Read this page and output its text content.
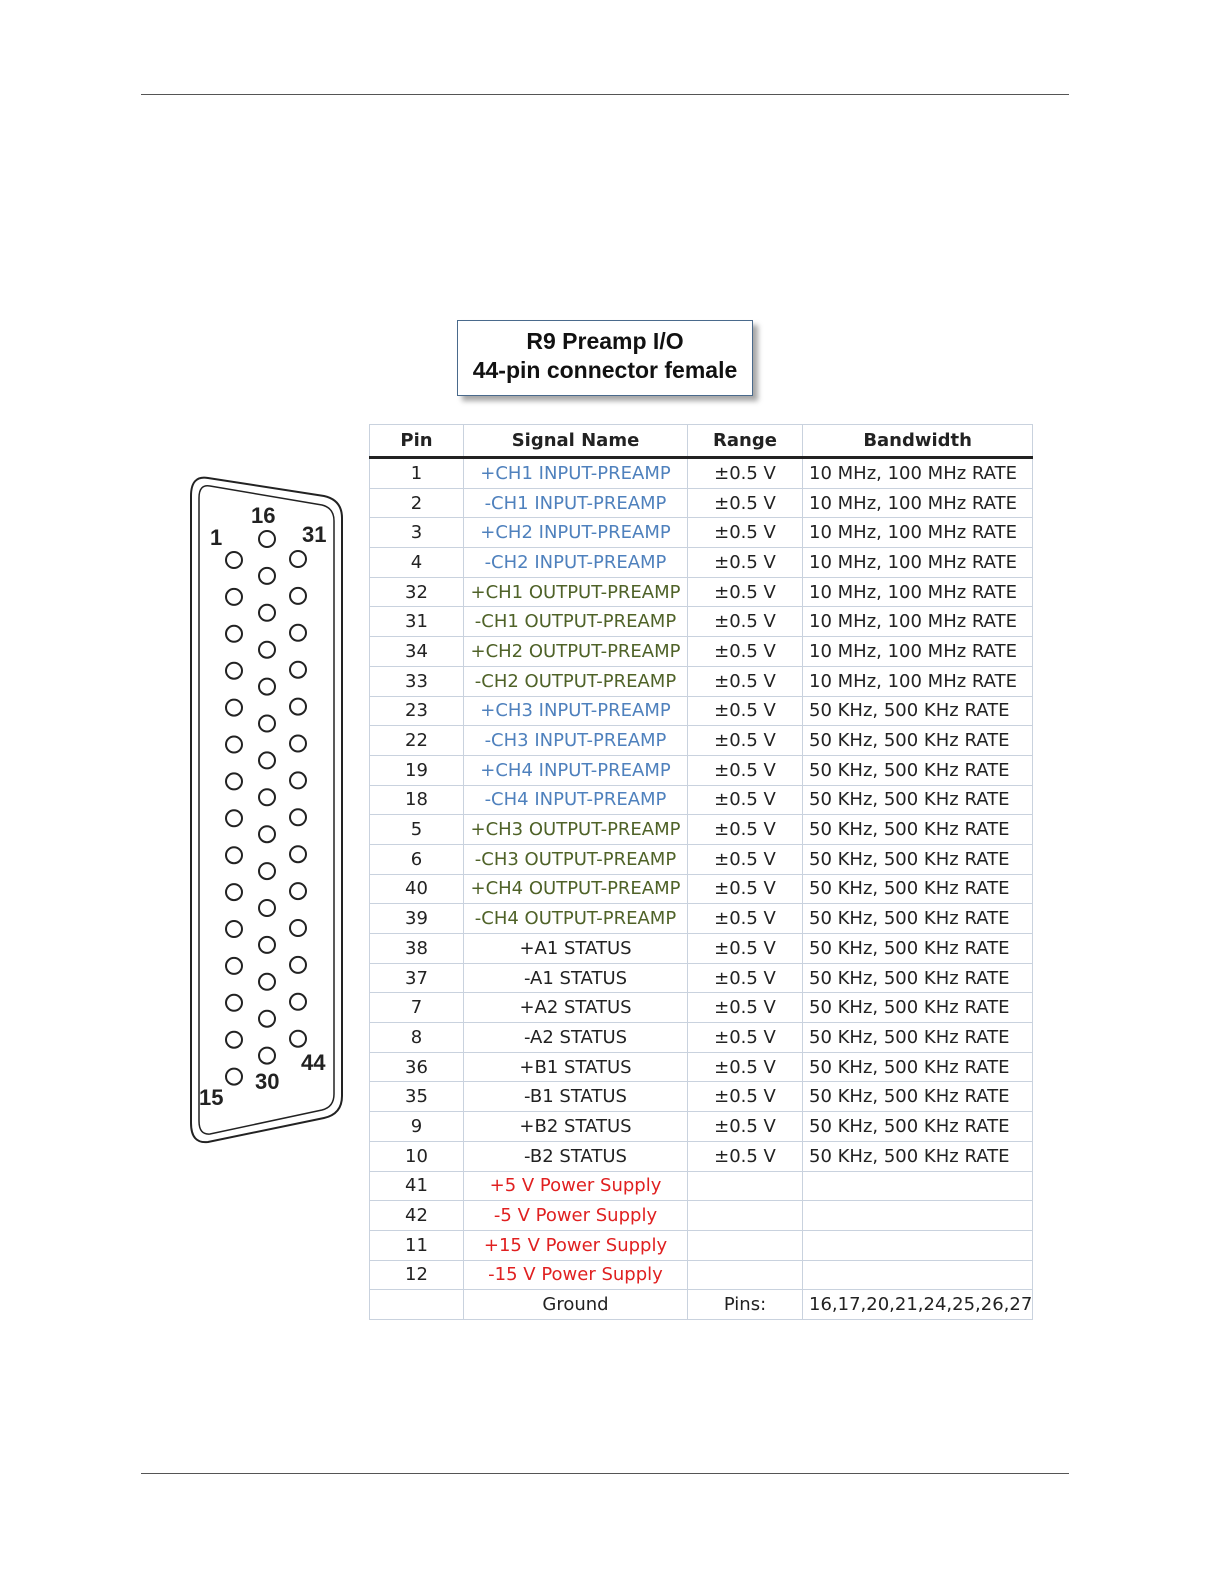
R9 Preamp I/O
44-pin connector female
1
16
31
15
30
44
Pin	Signal Name	Range	Bandwidth
1	+CH1 INPUT-PREAMP	±0.5 V	10 MHz, 100 MHz RATE
2	-CH1 INPUT-PREAMP	±0.5 V	10 MHz, 100 MHz RATE
3	+CH2 INPUT-PREAMP	±0.5 V	10 MHz, 100 MHz RATE
4	-CH2 INPUT-PREAMP	±0.5 V	10 MHz, 100 MHz RATE
32	+CH1 OUTPUT-PREAMP	±0.5 V	10 MHz, 100 MHz RATE
31	-CH1 OUTPUT-PREAMP	±0.5 V	10 MHz, 100 MHz RATE
34	+CH2 OUTPUT-PREAMP	±0.5 V	10 MHz, 100 MHz RATE
33	-CH2 OUTPUT-PREAMP	±0.5 V	10 MHz, 100 MHz RATE
23	+CH3 INPUT-PREAMP	±0.5 V	50 KHz, 500 KHz RATE
22	-CH3 INPUT-PREAMP	±0.5 V	50 KHz, 500 KHz RATE
19	+CH4 INPUT-PREAMP	±0.5 V	50 KHz, 500 KHz RATE
18	-CH4 INPUT-PREAMP	±0.5 V	50 KHz, 500 KHz RATE
5	+CH3 OUTPUT-PREAMP	±0.5 V	50 KHz, 500 KHz RATE
6	-CH3 OUTPUT-PREAMP	±0.5 V	50 KHz, 500 KHz RATE
40	+CH4 OUTPUT-PREAMP	±0.5 V	50 KHz, 500 KHz RATE
39	-CH4 OUTPUT-PREAMP	±0.5 V	50 KHz, 500 KHz RATE
38	+A1 STATUS	±0.5 V	50 KHz, 500 KHz RATE
37	-A1 STATUS	±0.5 V	50 KHz, 500 KHz RATE
7	+A2 STATUS	±0.5 V	50 KHz, 500 KHz RATE
8	-A2 STATUS	±0.5 V	50 KHz, 500 KHz RATE
36	+B1 STATUS	±0.5 V	50 KHz, 500 KHz RATE
35	-B1 STATUS	±0.5 V	50 KHz, 500 KHz RATE
9	+B2 STATUS	±0.5 V	50 KHz, 500 KHz RATE
10	-B2 STATUS	±0.5 V	50 KHz, 500 KHz RATE
41	+5 V Power Supply		
42	-5 V Power Supply		
11	+15 V Power Supply		
12	-15 V Power Supply		
	Ground	Pins:	16,17,20,21,24,25,26,27
